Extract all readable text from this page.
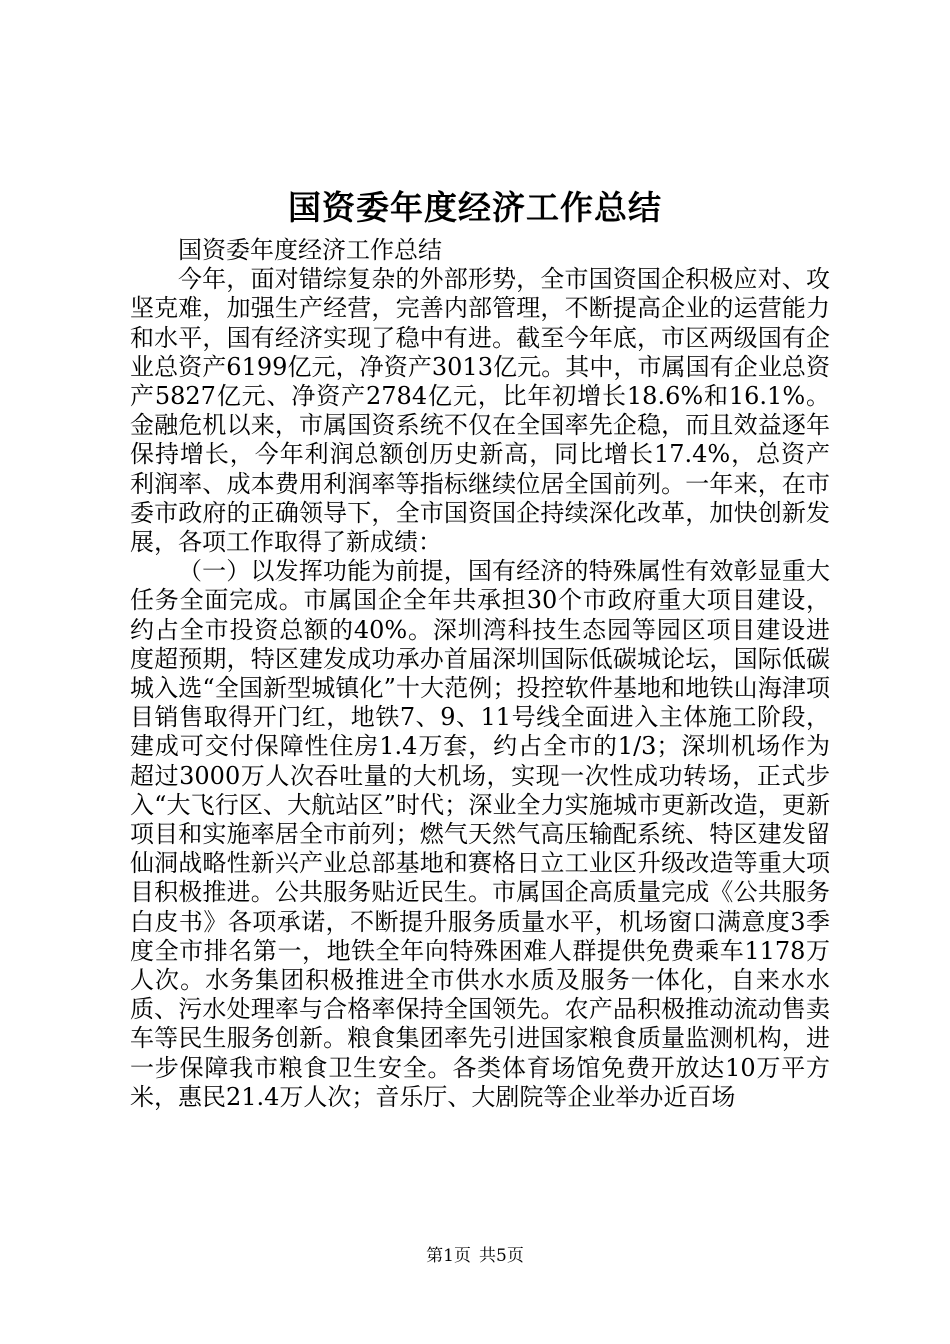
国资委年度经济工作总结

国资委年度经济工作总结

今年，面对错综复杂的外部形势，全市国资国企积极应对、攻坚克难，加强生产经营，完善内部管理，不断提高企业的运营能力和水平，国有经济实现了稳中有进。截至今年底，市区两级国有企业总资产6199亿元，净资产3013亿元。其中，市属国有企业总资产5827亿元、净资产2784亿元，比年初增长18.6%和16.1%。金融危机以来，市属国资系统不仅在全国率先企稳，而且效益逐年保持增长，今年利润总额创历史新高，同比增长17.4%，总资产利润率、成本费用利润率等指标继续位居全国前列。一年来，在市委市政府的正确领导下，全市国资国企持续深化改革，加快创新发展，各项工作取得了新成绩：

（一）以发挥功能为前提，国有经济的特殊属性有效彰显重大任务全面完成。市属国企全年共承担30个市政府重大项目建设，约占全市投资总额的40%。深圳湾科技生态园等园区项目建设进度超预期，特区建发成功承办首届深圳国际低碳城论坛，国际低碳城入选“全国新型城镇化”十大范例；投控软件基地和地铁山海津项目销售取得开门红，地铁7、9、11号线全面进入主体施工阶段，建成可交付保障性住房1.4万套，约占全市的1/3；深圳机场作为超过3000万人次吞吐量的大机场，实现一次性成功转场，正式步入“大飞行区、大航站区”时代；深业全力实施城市更新改造，更新项目和实施率居全市前列；燃气天然气高压输配系统、特区建发留仙洞战略性新兴产业总部基地和赛格日立工业区升级改造等重大项目积极推进。公共服务贴近民生。市属国企高质量完成《公共服务白皮书》各项承诺，不断提升服务质量水平，机场窗口满意度3季度全市排名第一，地铁全年向特殊困难人群提供免费乘车1178万人次。水务集团积极推进全市供水水质及服务一体化，自来水水质、污水处理率与合格率保持全国领先。农产品积极推动流动售卖车等民生服务创新。粮食集团率先引进国家粮食质量监测机构，进一步保障我市粮食卫生安全。各类体育场馆免费开放达10万平方米，惠民21.4万人次；音乐厅、大剧院等企业举办近百场

第1页 共5页
